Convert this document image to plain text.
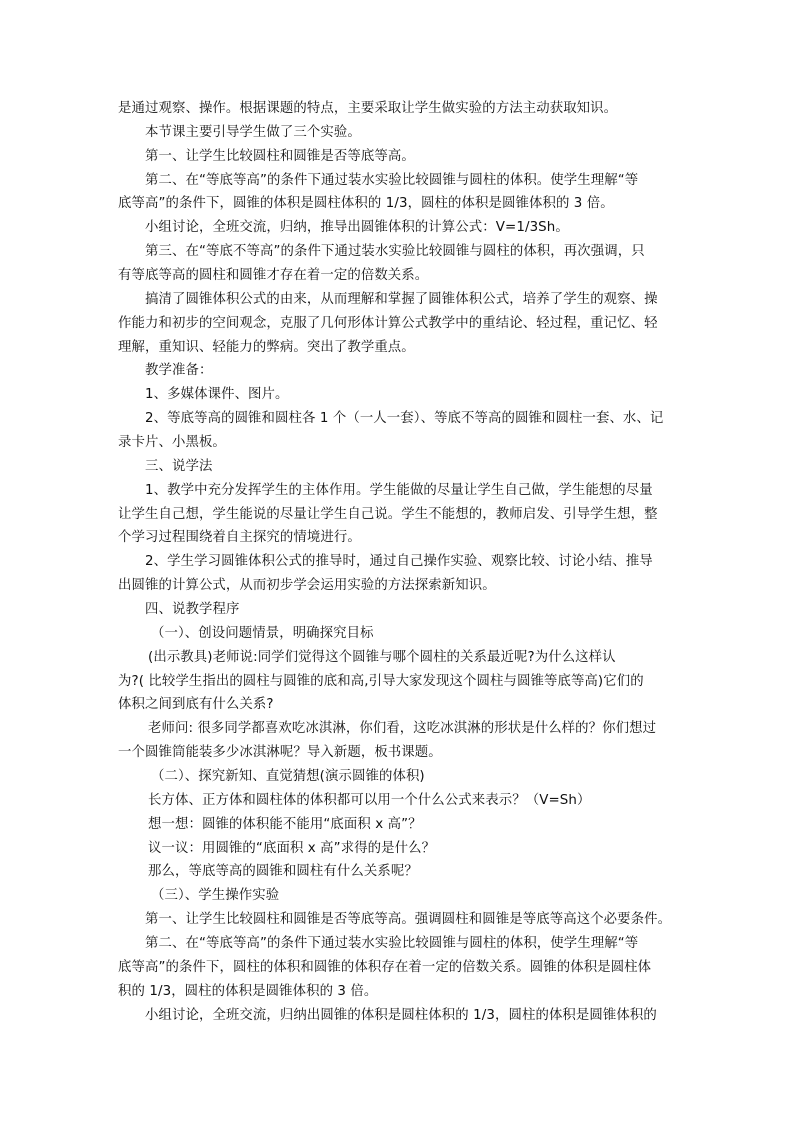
是通过观察、操作。根据课题的特点，主要采取让学生做实验的方法主动获取知识。
本节课主要引导学生做了三个实验。
第一、让学生比较圆柱和圆锥是否等底等高。
第二、在“等底等高”的条件下通过装水实验比较圆锥与圆柱的体积。使学生理解“等
底等高”的条件下，圆锥的体积是圆柱体积的 1/3，圆柱的体积是圆锥体积的 3 倍。
小组讨论，全班交流，归纳，推导出圆锥体积的计算公式：V=1/3Sh。
第三、在“等底不等高”的条件下通过装水实验比较圆锥与圆柱的体积，再次强调，只
有等底等高的圆柱和圆锥才存在着一定的倍数关系。
搞清了圆锥体积公式的由来，从而理解和掌握了圆锥体积公式，培养了学生的观察、操
作能力和初步的空间观念，克服了几何形体计算公式教学中的重结论、轻过程，重记忆、轻
理解，重知识、轻能力的弊病。突出了教学重点。
教学准备：
1、多媒体课件、图片。
2、等底等高的圆锥和圆柱各 1 个（一人一套）、等底不等高的圆锥和圆柱一套、水、记
录卡片、小黑板。
三、说学法
1、教学中充分发挥学生的主体作用。学生能做的尽量让学生自己做，学生能想的尽量
让学生自己想，学生能说的尽量让学生自己说。学生不能想的，教师启发、引导学生想，整
个学习过程围绕着自主探究的情境进行。
2、学生学习圆锥体积公式的推导时，通过自己操作实验、观察比较、讨论小结、推导
出圆锥的计算公式，从而初步学会运用实验的方法探索新知识。
四、说教学程序
（一）、创设问题情景，明确探究目标
(出示教具)老师说:同学们觉得这个圆锥与哪个圆柱的关系最近呢?为什么这样认
为?( 比较学生指出的圆柱与圆锥的底和高,引导大家发现这个圆柱与圆锥等底等高)它们的
体积之间到底有什么关系?
老师问: 很多同学都喜欢吃冰淇淋，你们看，这吃冰淇淋的形状是什么样的？你们想过
一个圆锥筒能装多少冰淇淋呢？导入新题，板书课题。
（二）、探究新知、直觉猜想(演示圆锥的体积)
长方体、正方体和圆柱体的体积都可以用一个什么公式来表示？（V=Sh）
想一想：圆锥的体积能不能用“底面积 x 高”？
议一议：用圆锥的“底面积 x 高”求得的是什么？
那么，等底等高的圆锥和圆柱有什么关系呢？
（三）、学生操作实验
第一、让学生比较圆柱和圆锥是否等底等高。强调圆柱和圆锥是等底等高这个必要条件。
第二、在“等底等高”的条件下通过装水实验比较圆锥与圆柱的体积，使学生理解“等
底等高”的条件下，圆柱的体积和圆锥的体积存在着一定的倍数关系。圆锥的体积是圆柱体
积的 1/3，圆柱的体积是圆锥体积的 3 倍。
小组讨论，全班交流，归纳出圆锥的体积是圆柱体积的 1/3，圆柱的体积是圆锥体积的
